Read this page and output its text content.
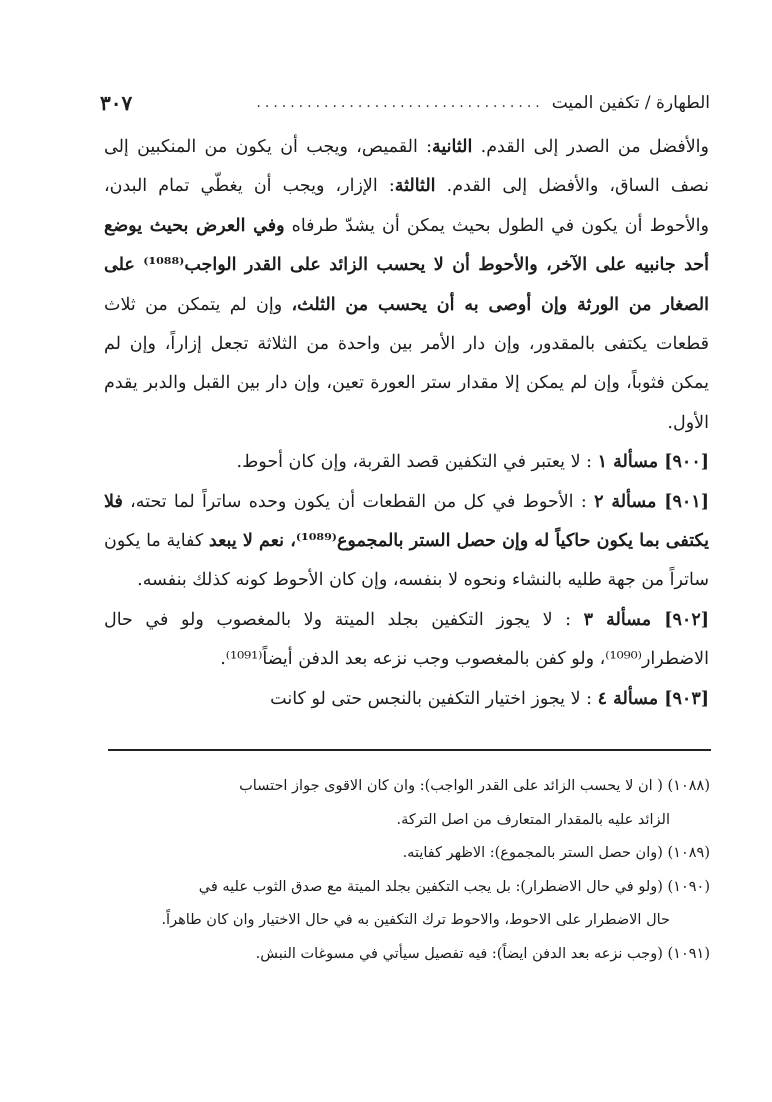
الطهارة / تكفين الميت
..................................
٣٠٧

والأفضل من الصدر إلى القدم. الثانية: القميص، ويجب أن يكون من المنكبين إلى نصف الساق، والأفضل إلى القدم. الثالثة: الإزار، ويجب أن يغطّي تمام البدن، والأحوط أن يكون في الطول بحيث يمكن أن يشدّ طرفاه وفي العرض بحيث يوضع أحد جانبيه على الآخر، والأحوط أن لا يحسب الزائد على القدر الواجب⁽¹⁰⁸⁸⁾ على الصغار من الورثة وإن أوصى به أن يحسب من الثلث، وإن لم يتمكن من ثلاث قطعات يكتفى بالمقدور، وإن دار الأمر بين واحدة من الثلاثة تجعل إزاراً، وإن لم يمكن فثوباً، وإن لم يمكن إلا مقدار ستر العورة تعين، وإن دار بين القبل والدبر يقدم الأول.

[٩٠٠] مسألة ١ : لا يعتبر في التكفين قصد القربة، وإن كان أحوط.

[٩٠١] مسألة ٢ : الأحوط في كل من القطعات أن يكون وحده ساتراً لما تحته، فلا يكتفى بما يكون حاكياً له وإن حصل الستر بالمجموع⁽¹⁰⁸⁹⁾، نعم لا يبعد كفاية ما يكون ساتراً من جهة طليه بالنشاء ونحوه لا بنفسه، وإن كان الأحوط كونه كذلك بنفسه.

[٩٠٢] مسألة ٣ : لا يجوز التكفين بجلد الميتة ولا بالمغصوب ولو في حال الاضطرار⁽¹⁰⁹⁰⁾، ولو كفن بالمغصوب وجب نزعه بعد الدفن أيضاً⁽¹⁰⁹¹⁾.

[٩٠٣] مسألة ٤ : لا يجوز اختيار التكفين بالنجس حتى لو كانت

(١٠٨٨) ( ان لا يحسب الزائد على القدر الواجب): وان كان الاقوى جواز احتساب

الزائد عليه بالمقدار المتعارف من اصل التركة.

(١٠٨٩) (وان حصل الستر بالمجموع): الاظهر كفايته.

(١٠٩٠) (ولو في حال الاضطرار): بل يجب التكفين بجلد الميتة مع صدق الثوب عليه في

حال الاضطرار على الاحوط، والاحوط ترك التكفين به في حال الاختيار وان كان طاهراً.

(١٠٩١) (وجب نزعه بعد الدفن ايضاً): فيه تفصيل سيأتي في مسوغات النبش.
